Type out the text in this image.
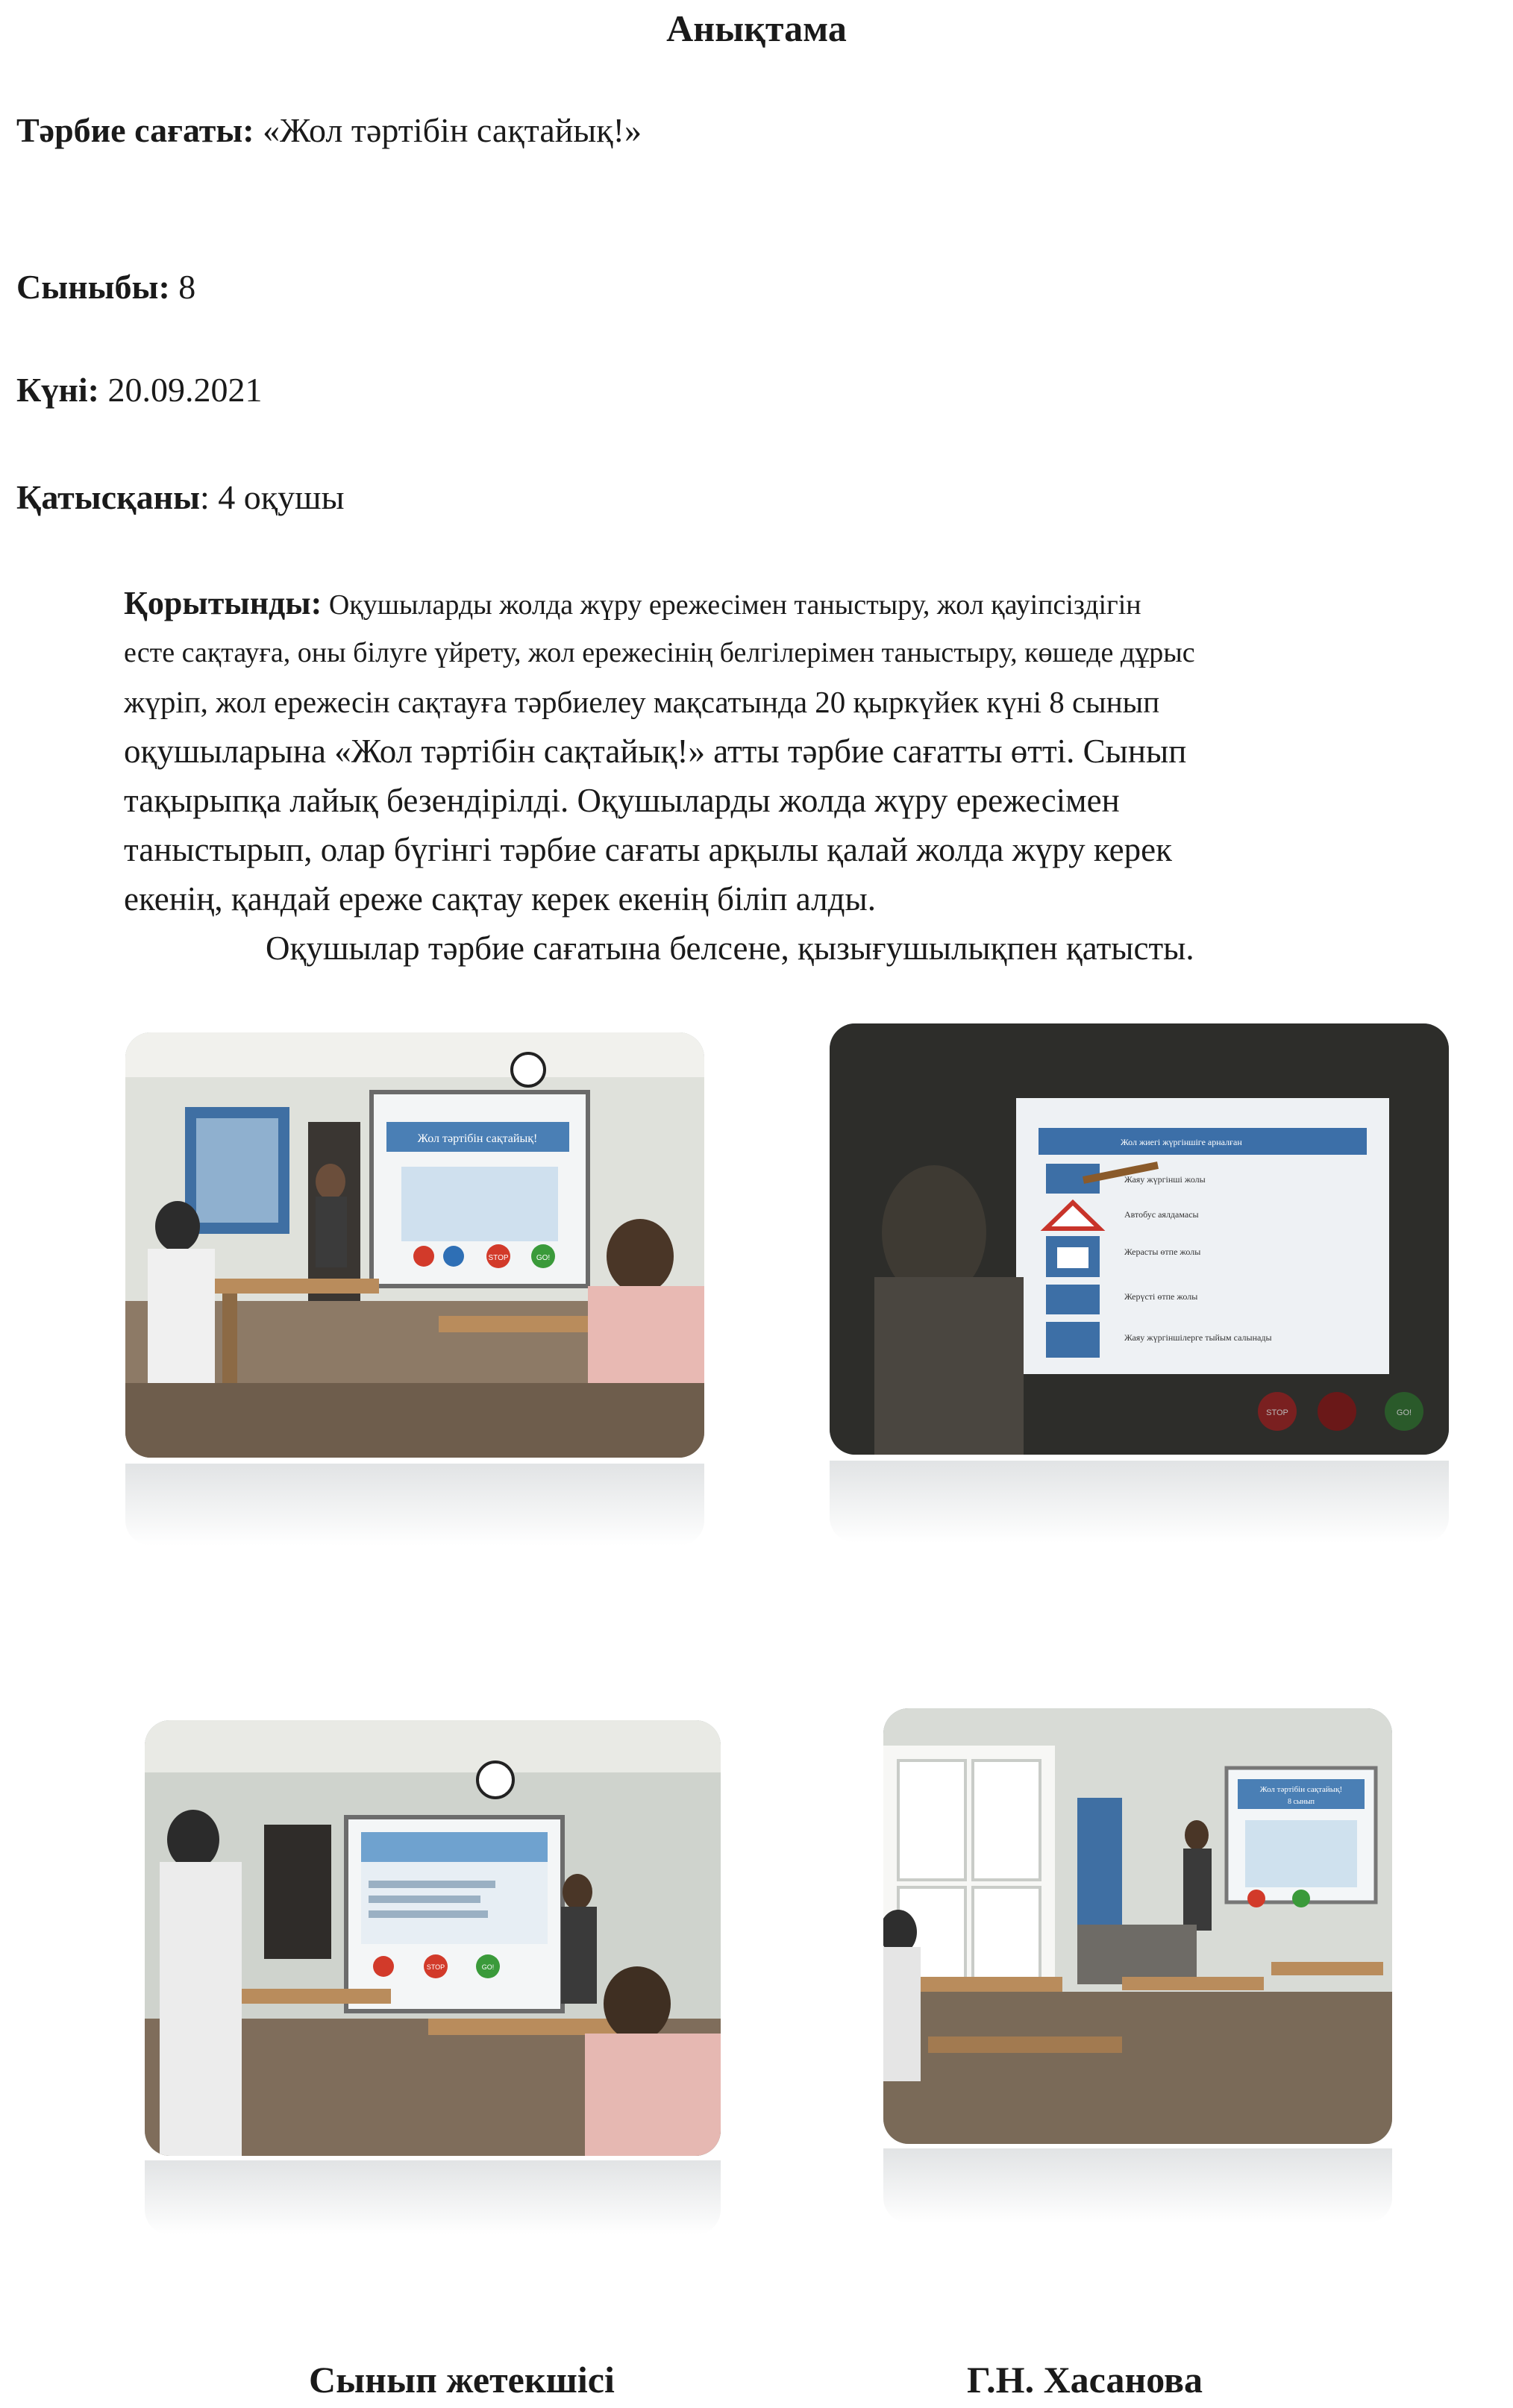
Анықтама
Тәрбие сағаты: «Жол тәртібін сақтайық!»
Сыныбы: 8
Күні: 20.09.2021
Қатысқаны: 4 оқушы
Қорытынды: Оқушыларды жолда жүру ережесімен таныстыру, жол қауіпсіздігін
есте сақтауға, оны білуге үйрету, жол ережесінің белгілерімен таныстыру, көшеде дұрыс
жүріп, жол ережесін сақтауға тәрбиелеу мақсатында 20 қыркүйек күні 8 сынып
оқушыларына «Жол тәртібін сақтайық!» атты тәрбие сағатты өтті. Сынып
тақырыпқа лайық безендірілді. Оқушыларды жолда жүру ережесімен
таныстырып, олар бүгінгі тәрбие сағаты арқылы қалай жолда жүру керек
екенің, қандай ереже сақтау керек екенің біліп алды.
Оқушылар тәрбие сағатына белсене, қызығушылықпен қатысты.
Жол тәртібін сақтайық!
STOP	GO!
Жол жиегі жүргіншіге арналған
Жаяу жүргінші жолы
Автобус аялдамасы
Жерасты өтпе жолы
Жерүсті өтпе жолы
Жаяу жүргіншілерге тыйым салынады
STOP	GO!
STOP	GO!
Жол тәртібін сақтайық!
8 сынып
Сынып жетекшісі	Г.Н. Хасанова
